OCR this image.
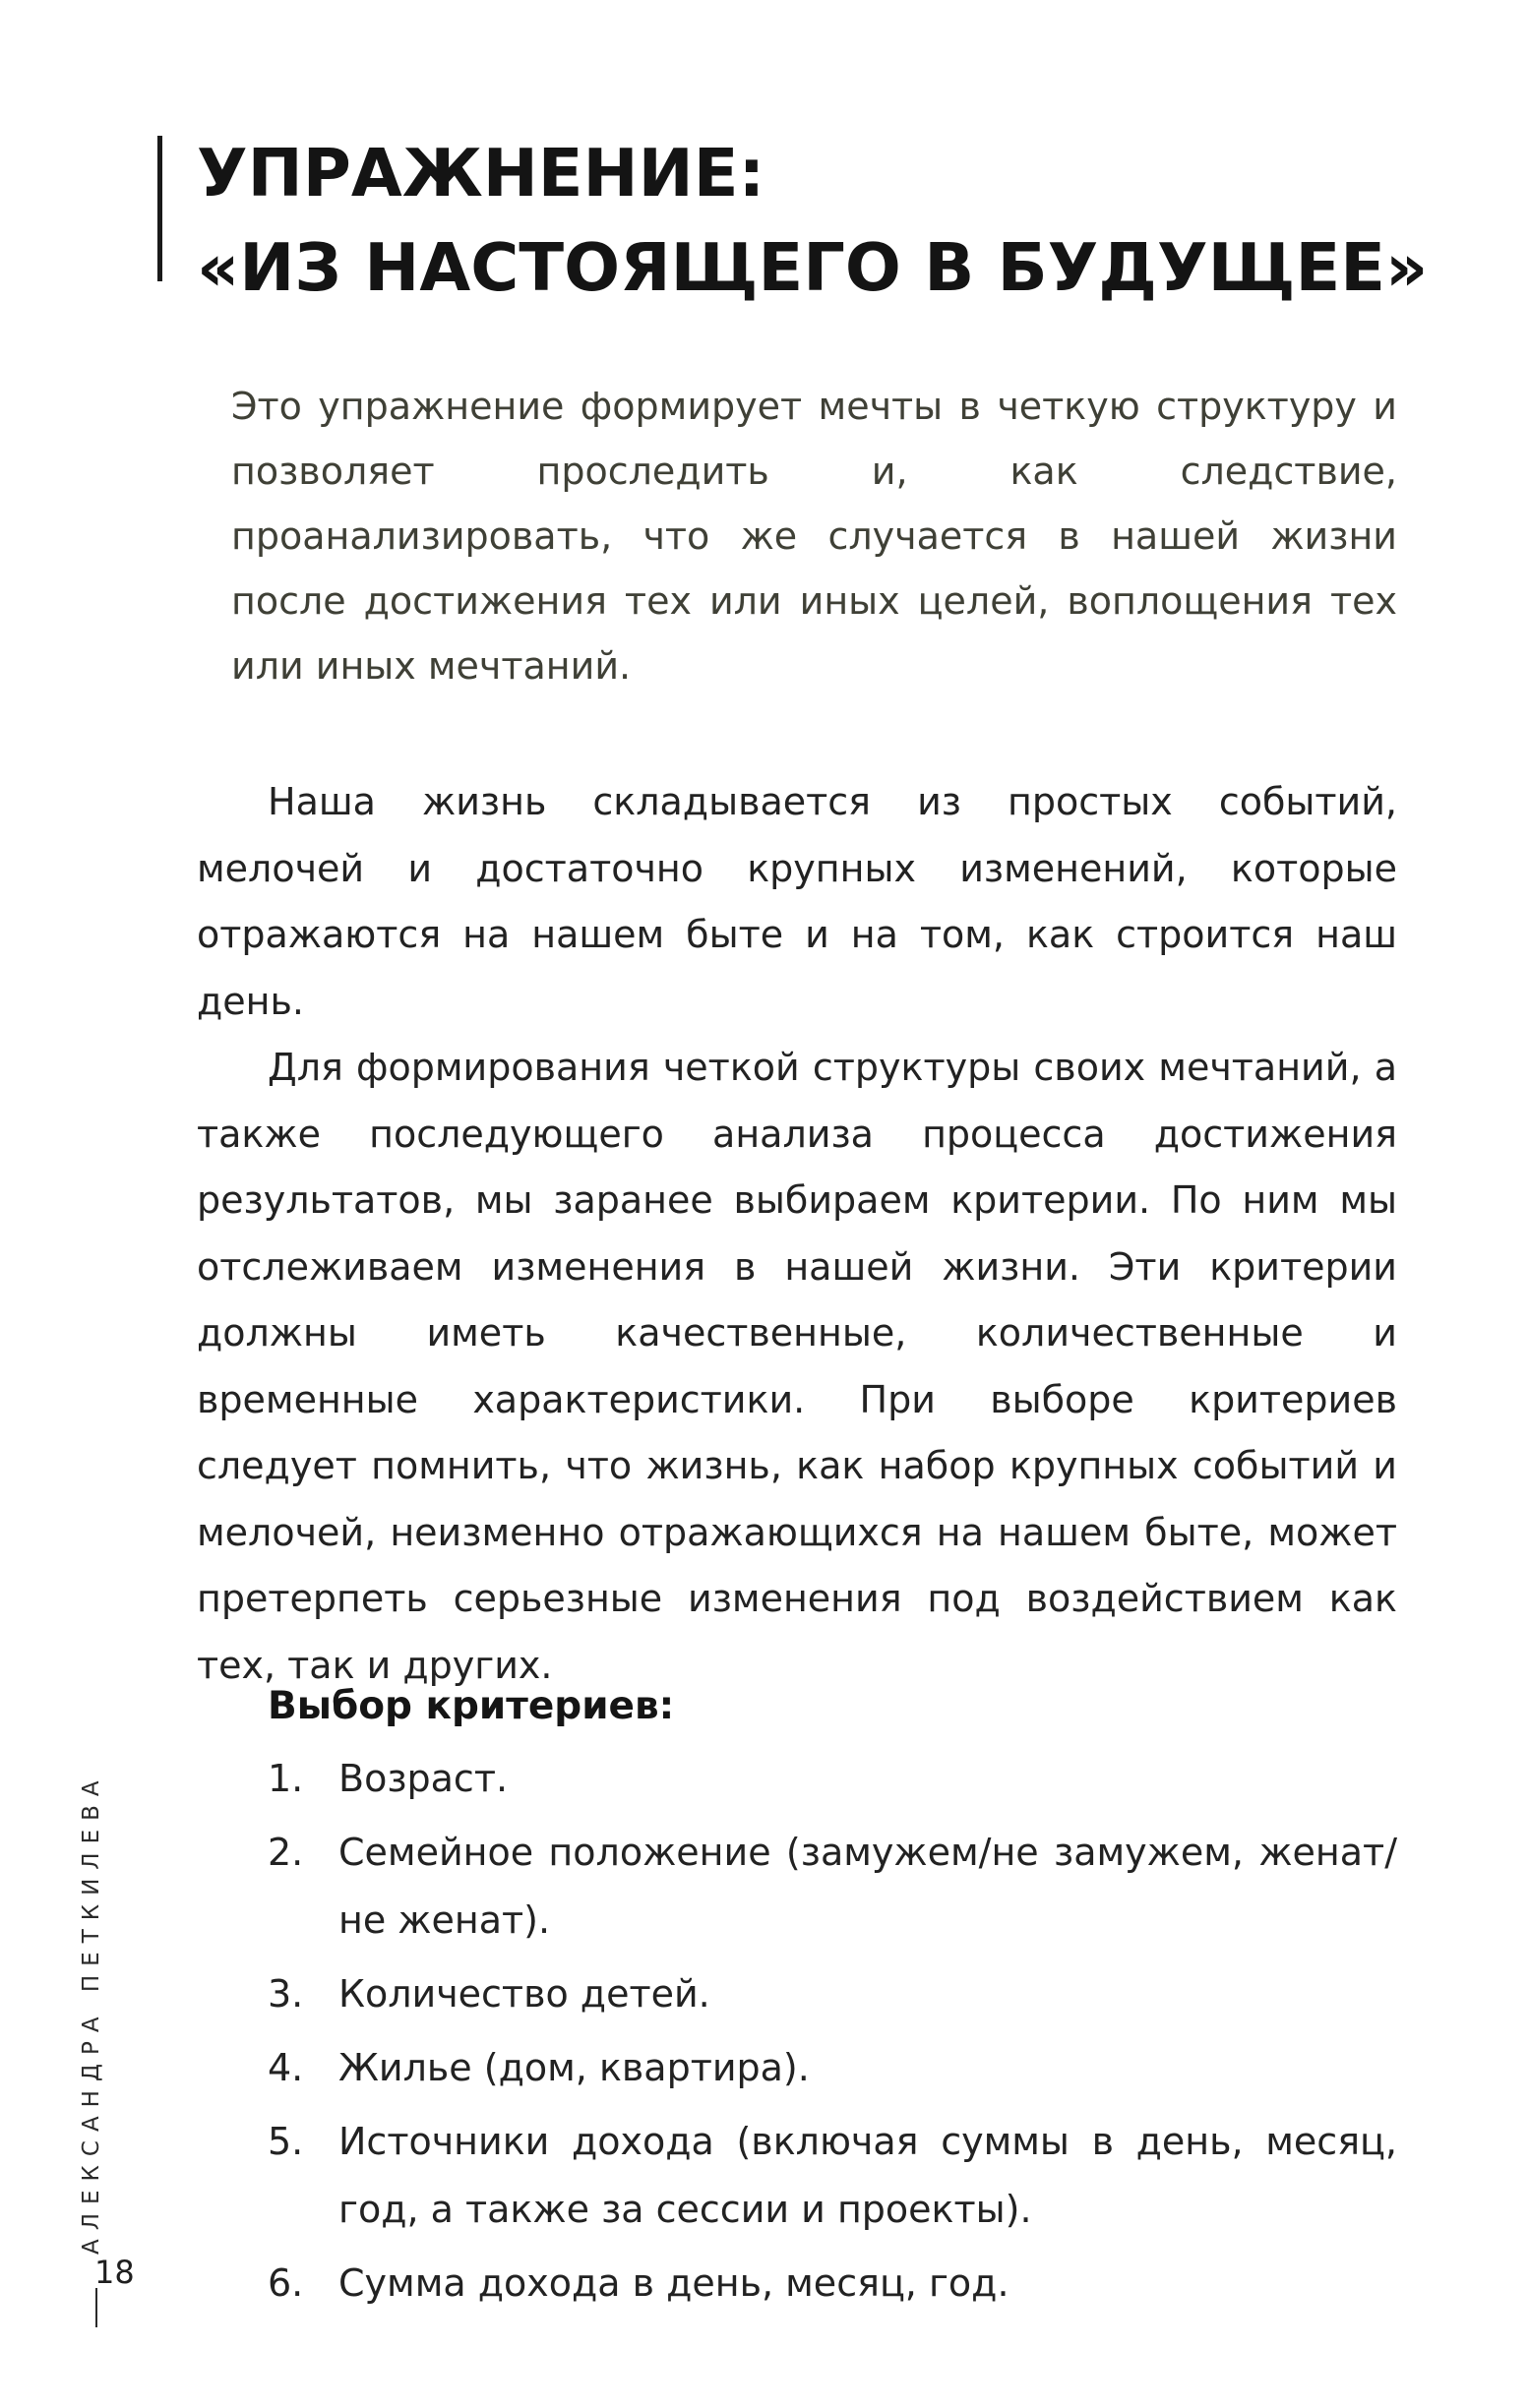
УПРАЖНЕНИЕ:
«ИЗ НАСТОЯЩЕГО В БУДУЩЕЕ»

Это упражнение формирует мечты в четкую структуру и позволяет проследить и, как следствие, проанализировать, что же случается в нашей жизни после достижения тех или иных целей, воплощения тех или иных мечтаний.

Наша жизнь складывается из простых событий, мелочей и достаточно крупных изменений, которые отражаются на нашем быте и на том, как строится наш день.

Для формирования четкой структуры своих мечтаний, а также последующего анализа процесса достижения результатов, мы заранее выбираем критерии. По ним мы отслеживаем изменения в нашей жизни. Эти критерии должны иметь качественные, количественные и временные характеристики. При выборе критериев следует помнить, что жизнь, как набор крупных событий и мелочей, неизменно отражающихся на нашем быте, может претерпеть серьезные изменения под воздействием как тех, так и других.

Выбор критериев:
1. Возраст.
2. Семейное положение (замужем/не замужем, женат/не женат).
3. Количество детей.
4. Жилье (дом, квартира).
5. Источники дохода (включая суммы в день, месяц, год, а также за сессии и проекты).
6. Сумма дохода в день, месяц, год.
АЛЕКСАНДРА ПЕТКИЛЕВА
18
